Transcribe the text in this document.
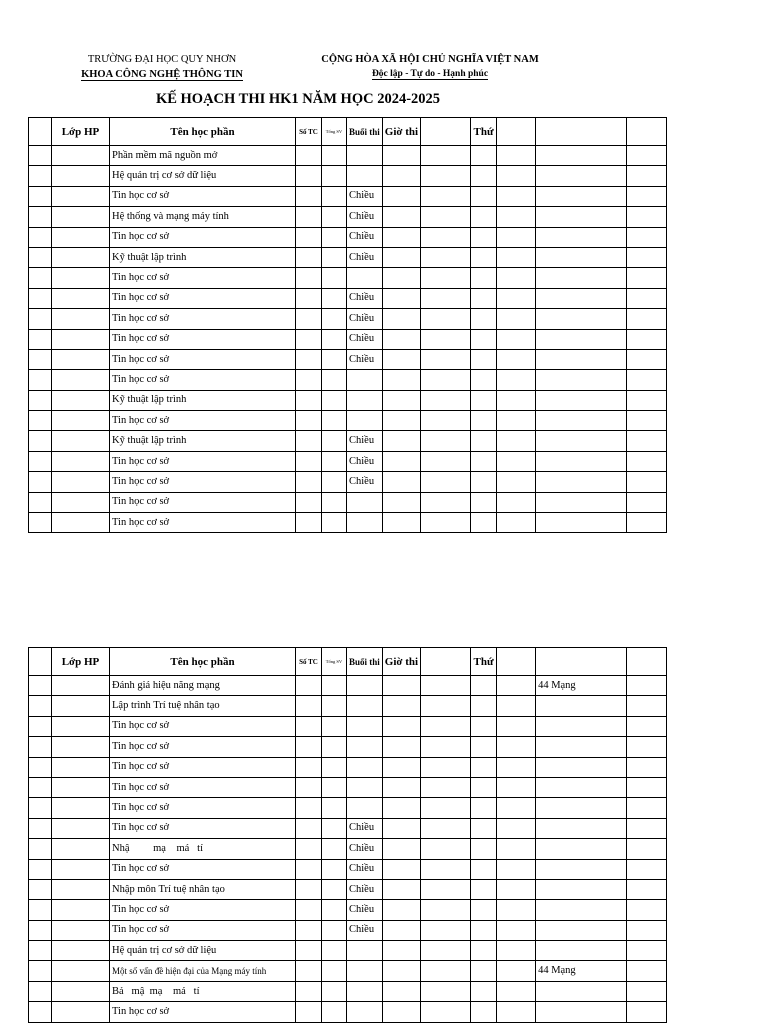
TRƯỜNG ĐẠI HỌC QUY NHƠN
KHOA CÔNG NGHỆ THÔNG TIN
CỘNG HÒA XÃ HỘI CHỦ NGHĨA VIỆT NAM
Độc lập - Tự do - Hạnh phúc
KẾ HOẠCH THI HK1 NĂM HỌC 2024-2025
	Lớp HP	Tên học phần	Số TC	Tổng SV	Buổi thi	Giờ thi		Thứ			
		Phần mềm mã nguồn mở									
		Hệ quản trị cơ sở dữ liệu									
		Tin học cơ sở			Chiều						
		Hệ thống và mạng máy tính			Chiều						
		Tin học cơ sở			Chiều						
		Kỹ thuật lập trình			Chiều						
		Tin học cơ sở									
		Tin học cơ sở			Chiều						
		Tin học cơ sở			Chiều						
		Tin học cơ sở			Chiều						
		Tin học cơ sở			Chiều						
		Tin học cơ sở									
		Kỹ thuật lập trình									
		Tin học cơ sở									
		Kỹ thuật lập trình			Chiều						
		Tin học cơ sở			Chiều						
		Tin học cơ sở			Chiều						
		Tin học cơ sở									
		Tin học cơ sở									
	Lớp HP	Tên học phần	Số TC	Tổng SV	Buổi thi	Giờ thi		Thứ			
		Đánh giá hiệu năng mạng								44 Mạng	
		Lập trình Trí tuệ nhân tạo									
		Tin học cơ sở									
		Tin học cơ sở									
		Tin học cơ sở									
		Tin học cơ sở									
		Tin học cơ sở									
		Tin học cơ sở			Chiều						
		Nhậ         mạ    má   tí			Chiều						
		Tin học cơ sở			Chiều						
		Nhập môn Trí tuệ nhân tạo			Chiều						
		Tin học cơ sở			Chiều						
		Tin học cơ sở			Chiều						
		Hệ quản trị cơ sở dữ liệu									
		Một số vấn đề hiện đại của Mạng máy tính								44 Mạng	
		Bả   mậ  mạ    má   tí									
		Tin học cơ sở									
